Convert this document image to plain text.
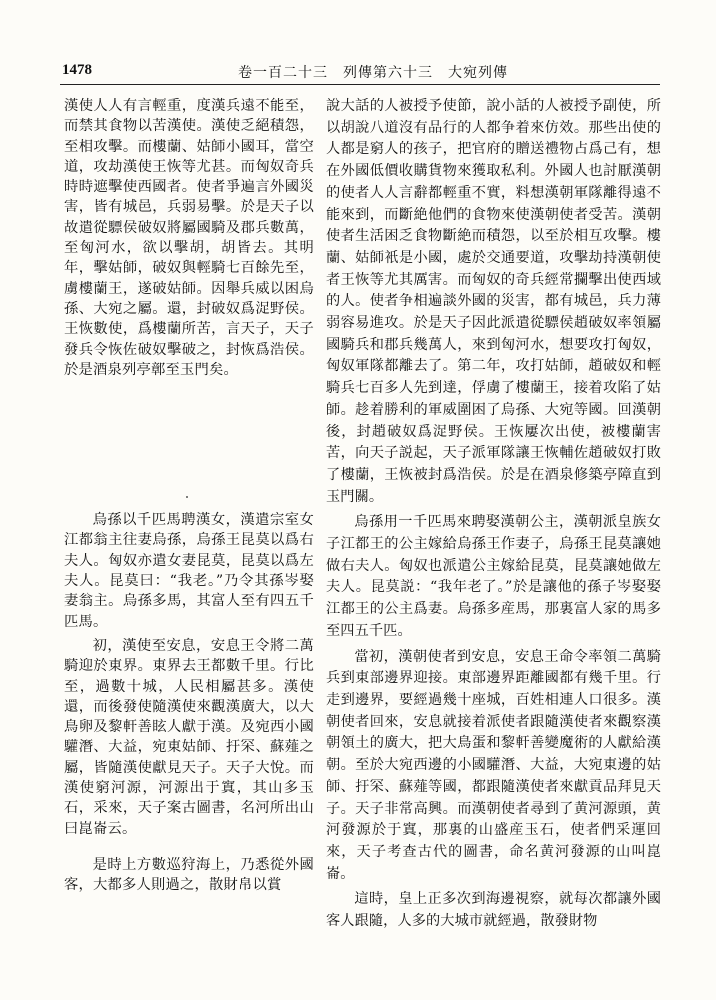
1478	卷一百二十三　列傳第六十三　大宛列傳

漢使人人有言輕重，度漢兵遠不能至，而禁其食物以苦漢使。漢使乏絕積怨，至相攻擊。而樓蘭、姑師小國耳，當空道，攻劫漢使王恢等尤甚。而匈奴奇兵時時遮擊使西國者。使者爭遍言外國災害，皆有城邑，兵弱易擊。於是天子以故遣從驃侯破奴將屬國騎及郡兵數萬，至匈河水，欲以擊胡，胡皆去。其明年，擊姑師，破奴與輕騎七百餘先至，虜樓蘭王，遂破姑師。因舉兵威以困烏孫、大宛之屬。還，封破奴爲浞野侯。王恢數使，爲樓蘭所苦，言天子，天子發兵令恢佐破奴擊破之，封恢爲浩侯。於是酒泉列亭鄣至玉門矣。

烏孫以千匹馬聘漢女，漢遣宗室女江都翁主往妻烏孫，烏孫王昆莫以爲右夫人。匈奴亦遣女妻昆莫，昆莫以爲左夫人。昆莫曰：“我老。”乃令其孫岑娶妻翁主。烏孫多馬，其富人至有四五千匹馬。

初，漢使至安息，安息王令將二萬騎迎於東界。東界去王都數千里。行比至，過數十城，人民相屬甚多。漢使還，而後發使隨漢使來觀漢廣大，以大鳥卵及黎軒善眩人獻于漢。及宛西小國驩潛、大益，宛東姑師、扜罙、蘇薤之屬，皆隨漢使獻見天子。天子大悅。而漢使窮河源，河源出于窴，其山多玉石，采來，天子案古圖書，名河所出山曰崑崙云。

是時上方數巡狩海上，乃悉從外國客，大都多人則過之，散財帛以賞

說大話的人被授予使節，說小話的人被授予副使，所以胡說八道沒有品行的人都争着來仿效。那些出使的人都是窮人的孩子，把官府的贈送禮物占爲己有，想在外國低價收購貨物來獲取私利。外國人也討厭漢朝的使者人人言辭都輕重不實，料想漢朝軍隊離得遠不能來到，而斷絶他們的食物來使漢朝使者受苦。漢朝使者生活困乏食物斷絶而積怨，以至於相互攻擊。樓蘭、姑師衹是小國，處於交通要道，攻擊劫持漢朝使者王恢等尤其厲害。而匈奴的奇兵經常攔擊出使西域的人。使者争相遍談外國的災害，都有城邑，兵力薄弱容易進攻。於是天子因此派遣從驃侯趙破奴率領屬國騎兵和郡兵幾萬人，來到匈河水，想要攻打匈奴，匈奴軍隊都離去了。第二年，攻打姑師，趙破奴和輕騎兵七百多人先到達，俘虜了樓蘭王，接着攻陷了姑師。趁着勝利的軍威圍困了烏孫、大宛等國。回漢朝後，封趙破奴爲浞野侯。王恢屢次出使，被樓蘭害苦，向天子説起，天子派軍隊讓王恢輔佐趙破奴打敗了樓蘭，王恢被封爲浩侯。於是在酒泉修築亭障直到玉門關。

烏孫用一千匹馬來聘娶漢朝公主，漢朝派皇族女子江都王的公主嫁給烏孫王作妻子，烏孫王昆莫讓她做右夫人。匈奴也派遣公主嫁給昆莫，昆莫讓她做左夫人。昆莫説：“我年老了。”於是讓他的孫子岑娶娶江都王的公主爲妻。烏孫多産馬，那裏富人家的馬多至四五千匹。

當初，漢朝使者到安息，安息王命令率領二萬騎兵到東部邊界迎接。東部邊界距離國都有幾千里。行走到邊界，要經過幾十座城，百姓相連人口很多。漢朝使者回來，安息就接着派使者跟隨漢使者來觀察漢朝領土的廣大，把大鳥蛋和黎軒善變魔術的人獻給漢朝。至於大宛西邊的小國驩潛、大益，大宛東邊的姑師、扜罙、蘇薤等國，都跟隨漢使者來獻貢品拜見天子。天子非常高興。而漢朝使者尋到了黄河源頭，黄河發源於于窴，那裏的山盛産玉石，使者們采運回來，天子考查古代的圖書，命名黄河發源的山叫崑崙。

這時，皇上正多次到海邊視察，就每次都讓外國客人跟隨，人多的大城市就經過，散發財物
